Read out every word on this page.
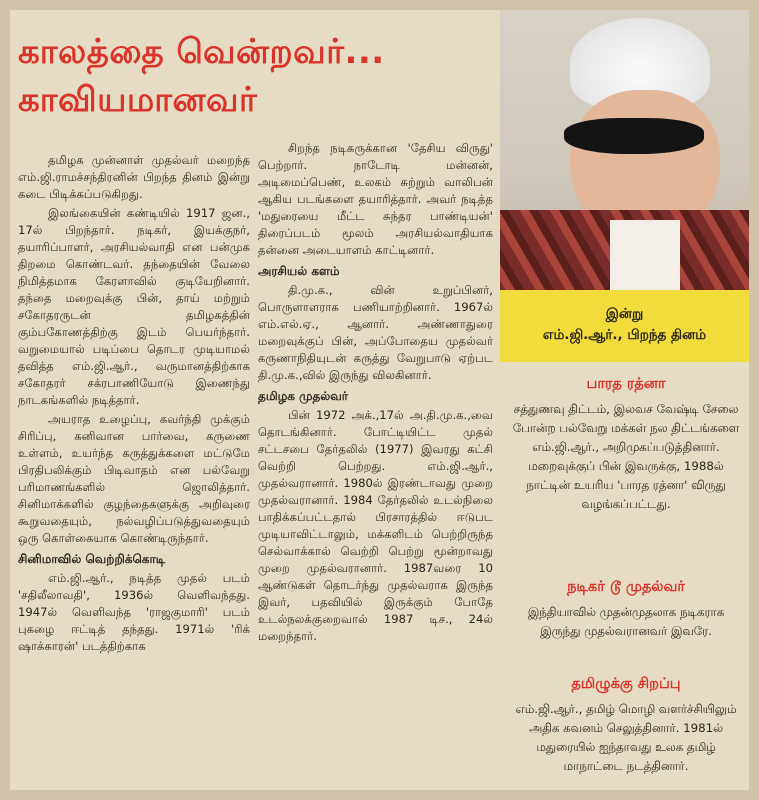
காலத்தை வென்றவர்...
காவியமானவர்

தமிழக முன்னாள் முதல்வர் மறைந்த எம்.ஜி.ராமச்சந்திரனின் பிறந்த தினம் இன்று கடை பிடிக்கப்படுகிறது.

இலங்கையின் கண்டியில் 1917 ஜன., 17ல் பிறந்தார். நடிகர், இயக்குநர், தயாரிப்பாளர், அரசியல்வாதி என பன்முக திறமை கொண்டவர். தந்தையின் வேலை நிமித்தமாக கேரளாவில் குடியேறினார். தந்தை மறைவுக்கு பின், தாய் மற்றும் சகோதரருடன் தமிழகத்தின் கும்பகோணத்திற்கு இடம் பெயர்ந்தார். வறுமையால் படிப்பை தொடர முடியாமல் தவித்த எம்.ஜி.ஆர்., வருமானத்திற்காக சகோதரர் சக்ரபாணியோடு இணைந்து நாடகங்களில் நடித்தார்.

அயராத உழைப்பு, கவர்ந்தி முக்கும் சிரிப்பு, கனிவான பார்வை, கருணை உள்ளம், உயர்ந்த கருத்துக்களை மட்டுமே பிரதிபலிக்கும் பிடிவாதம் என பல்வேறு பரிமாணங்களில் ஜொலித்தார். சினிமாக்களில் குழந்தைகளுக்கு அறிவுரை கூறுவதையும், நல்வழிப்படுத்துவதையும் ஒரு கொள்கையாக கொண்டிருந்தார்.

சினிமாவில் வெற்றிக்கொடி

எம்.ஜி.ஆர்., நடித்த முதல் படம் 'சதிலீலாவதி', 1936ல் வெளிவந்தது. 1947ல் வெளிவந்த 'ராஜகுமாரி' படம் புகழை ஈட்டித் தந்தது. 1971ல் 'ரிக் ஷாக்காரன்' படத்திற்காக

சிறந்த நடிகருக்கான 'தேசிய விருது' பெற்றார். நாடோடி மன்னன், அடிமைப்பெண், உலகம் சுற்றும் வாலிபன் ஆகிய படங்களை தயாரித்தார். அவர் நடித்த 'மதுரையை மீட்ட சுந்தர பாண்டியன்' திரைப்படம் மூலம் அரசியல்வாதியாக தன்னை அடையாளம் காட்டினார்.

அரசியல் களம்

தி.மு.க., வின் உறுப்பினர், பொருளாளராக பணியாற்றினார். 1967ல் எம்.எல்.ஏ., ஆனார். அண்ணாதுரை மறைவுக்குப் பின், அப்போதைய முதல்வர் கருணாநிதியுடன் கருத்து வேறுபாடு ஏற்பட தி.மு.க.,வில் இருந்து விலகினார்.

தமிழக முதல்வர்

பின் 1972 அக்.,17ல் அ.தி.மு.க.,வை தொடங்கினார். போட்டியிட்ட முதல் சட்டசபை தேர்தலில் (1977) இவரது கட்சி வெற்றி பெற்றது. எம்.ஜி.ஆர்., முதல்வரானார். 1980ல் இரண்டாவது முறை முதல்வரானார். 1984 தேர்தலில் உடல்நிலை பாதிக்கப்பட்டதால் பிரசாரத்தில் ஈடுபட முடியாவிட்டாலும், மக்களிடம் பெற்றிருந்த செல்வாக்கால் வெற்றி பெற்று மூன்றாவது முறை முதல்வரானார். 1987வரை 10 ஆண்டுகள் தொடர்ந்து முதல்வராக இருந்த இவர், பதவியில் இருக்கும் போதே உடல்நலக்குறைவால் 1987 டிச., 24ல் மறைந்தார்.

இன்று
எம்.ஜி.ஆர்., பிறந்த தினம்
பாரத ரத்னா
சத்துணவு திட்டம், இலவச வேஷ்டி சேலை போன்ற பல்வேறு மக்கள் நல திட்டங்களை எம்.ஜி.ஆர்., அறிமுகப்படுத்தினார். மறைவுக்குப் பின் இவருக்கு, 1988ல் நாட்டின் உயரிய 'பாரத ரத்னா' விருது வழங்கப்பட்டது.
நடிகர் டூ முதல்வர்
இந்தியாவில் முதன்முதலாக நடிகராக இருந்து முதல்வரானவர் இவரே.
தமிழுக்கு சிறப்பு
எம்.ஜி.ஆர்., தமிழ் மொழி வளர்ச்சியிலும் அதிக கவனம் செலுத்தினார். 1981ல் மதுரையில் ஐந்தாவது உலக தமிழ் மாநாட்டை நடத்தினார்.
